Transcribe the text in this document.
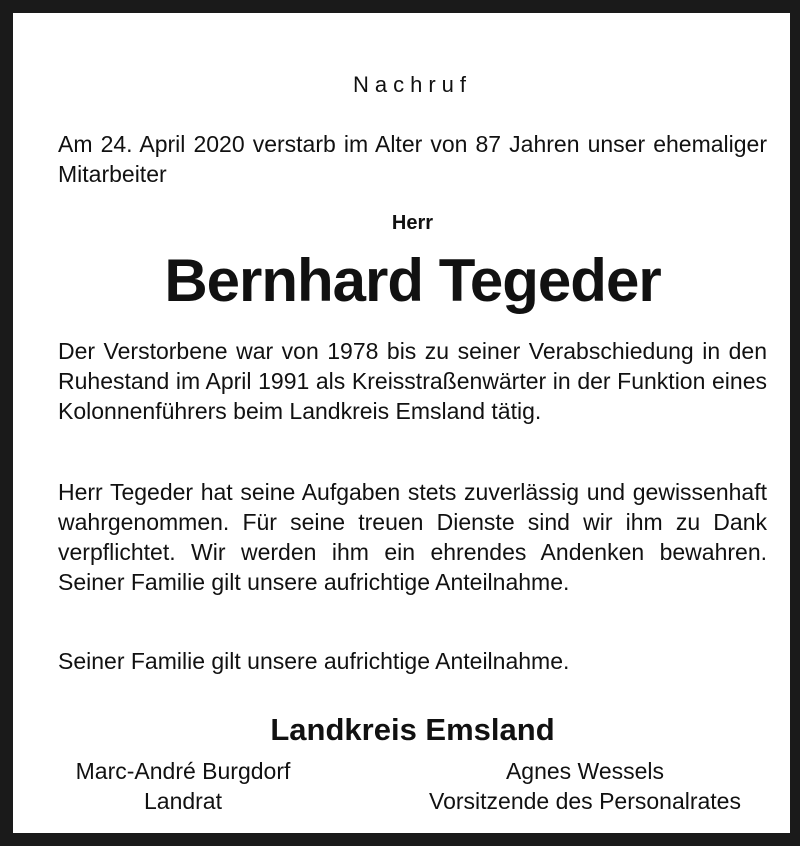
Nachruf
Am 24. April 2020 verstarb im Alter von 87 Jahren unser ehemaliger Mitarbeiter
Herr
Bernhard Tegeder
Der Verstorbene war von 1978 bis zu seiner Verabschiedung in den Ruhestand im April 1991 als Kreisstraßenwärter in der Funktion eines Kolonnenführers beim Landkreis Emsland tätig.
Herr Tegeder hat seine Aufgaben stets zuverlässig und gewissenhaft wahrgenommen. Für seine treuen Dienste sind wir ihm zu Dank verpflichtet. Wir werden ihm ein ehrendes Andenken bewahren. Seiner Familie gilt unsere aufrichtige Anteilnahme.
Seiner Familie gilt unsere aufrichtige Anteilnahme.
Landkreis Emsland
Marc-André Burgdorf
Landrat
Agnes Wessels
Vorsitzende des Personalrates
